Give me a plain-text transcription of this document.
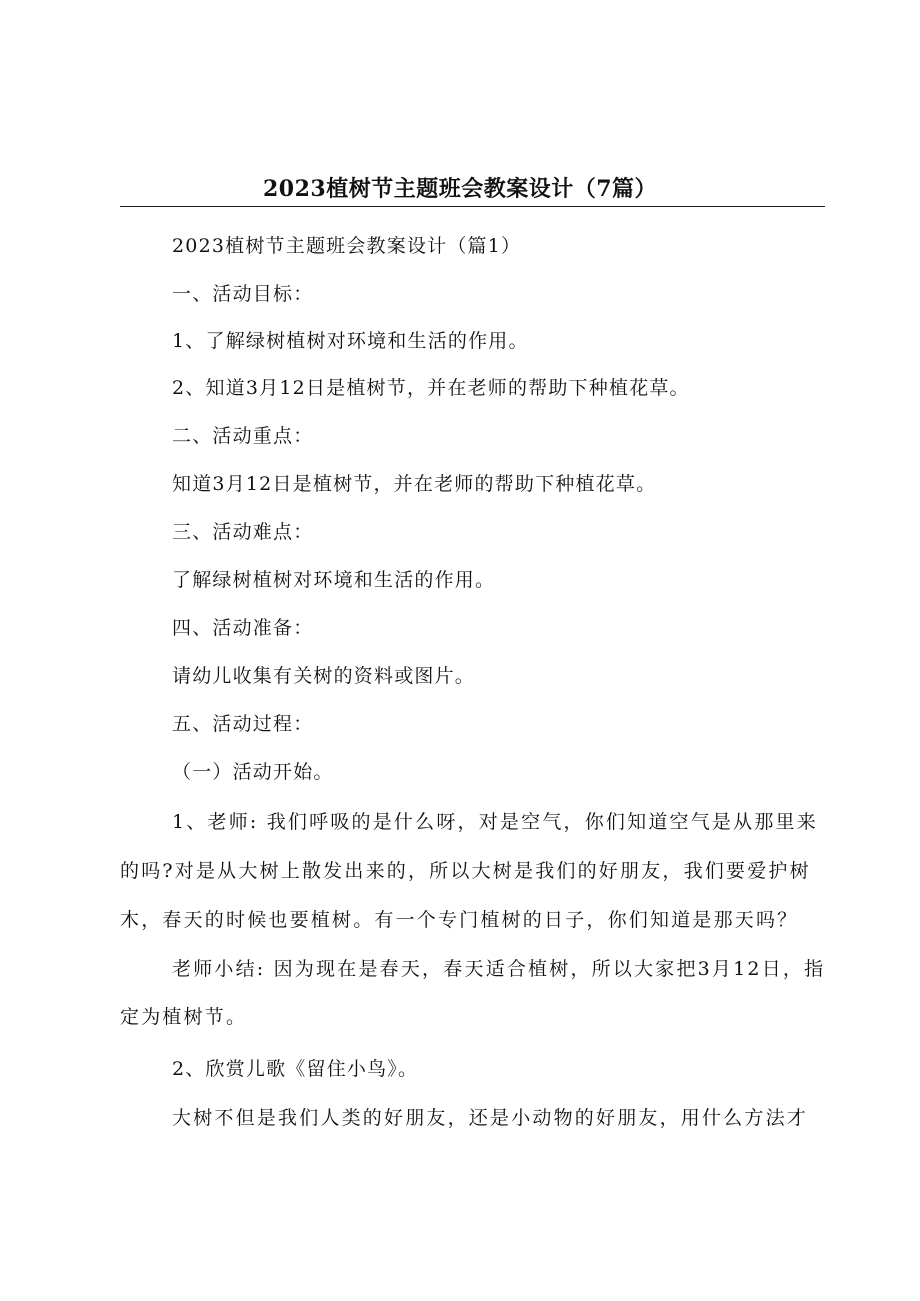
2023植树节主题班会教案设计（7篇）

2023植树节主题班会教案设计（篇1）

一、活动目标：

1、了解绿树植树对环境和生活的作用。

2、知道3月12日是植树节，并在老师的帮助下种植花草。

二、活动重点：

知道3月12日是植树节，并在老师的帮助下种植花草。

三、活动难点：

了解绿树植树对环境和生活的作用。

四、活动准备：

请幼儿收集有关树的资料或图片。

五、活动过程：

（一）活动开始。

1、老师: 我们呼吸的是什么呀，对是空气，你们知道空气是从那里来

的吗?对是从大树上散发出来的，所以大树是我们的好朋友，我们要爱护树

木，春天的时候也要植树。有一个专门植树的日子，你们知道是那天吗？

老师小结: 因为现在是春天，春天适合植树，所以大家把3月12日，指

定为植树节。

2、欣赏儿歌《留住小鸟》。

大树不但是我们人类的好朋友，还是小动物的好朋友，用什么方法才
